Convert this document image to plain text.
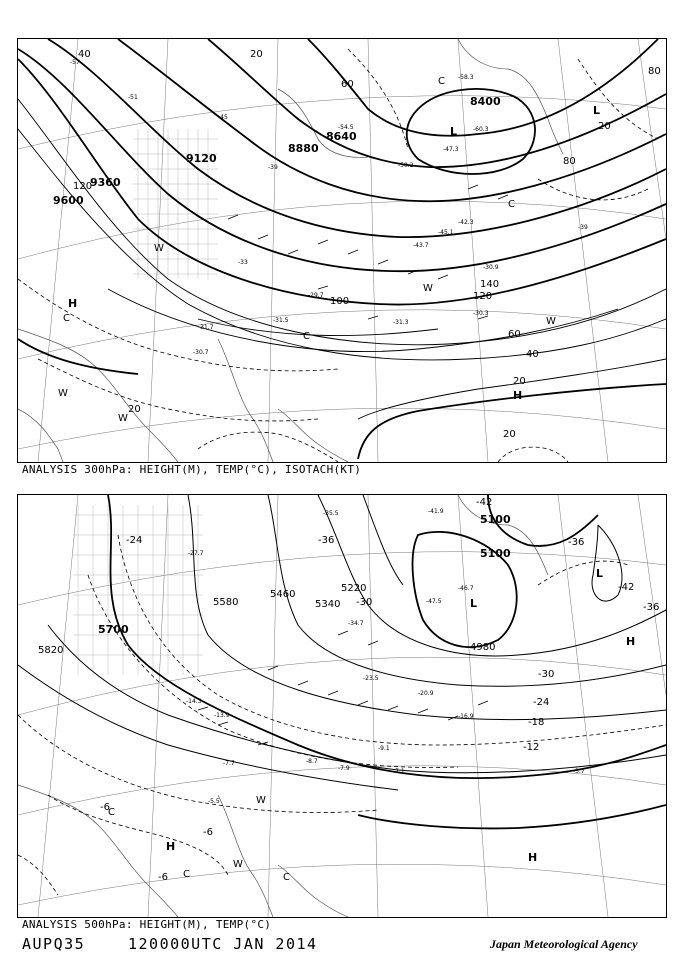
9600
9360
9120
8880
8640
8400
120
40	20
60
100	120
140
80
20
40
60
20
20
80
20
-57
-51
-45
-39
-39
-42.3
-43.7
-45.1
-30.9
-31.5	-31.3
-30.3
-29.7
-60.3
-58.3
-54.5
-50.2
-47.3
-31.7
-33
-30.7
H
H
L
L
C
C
C
C
W
W
W
W
W
ANALYSIS 300hPa: HEIGHT(M), TEMP(°C), ISOTACH(KT)
5820
5700
5580
5460
5340
5220
5100
5100
4980
-42
-36
-36
-36
-30
-30
-24
-24
-18
-12
-6
-6
-6
-42
-41.9
-47.5
-46.7
-35.5
-27.7
-34.7
-23.5
-20.9
-16.9
-14.3
-13.9
-9.1
-7.1
-7.7	-8.7
-5.5
-7.9	-3.7
H
H
H
L
L
C
C	C
W
W
ANALYSIS 500hPa: HEIGHT(M), TEMP(°C)
AUPQ35	120000UTC JAN 2014	Japan Meteorological Agency
